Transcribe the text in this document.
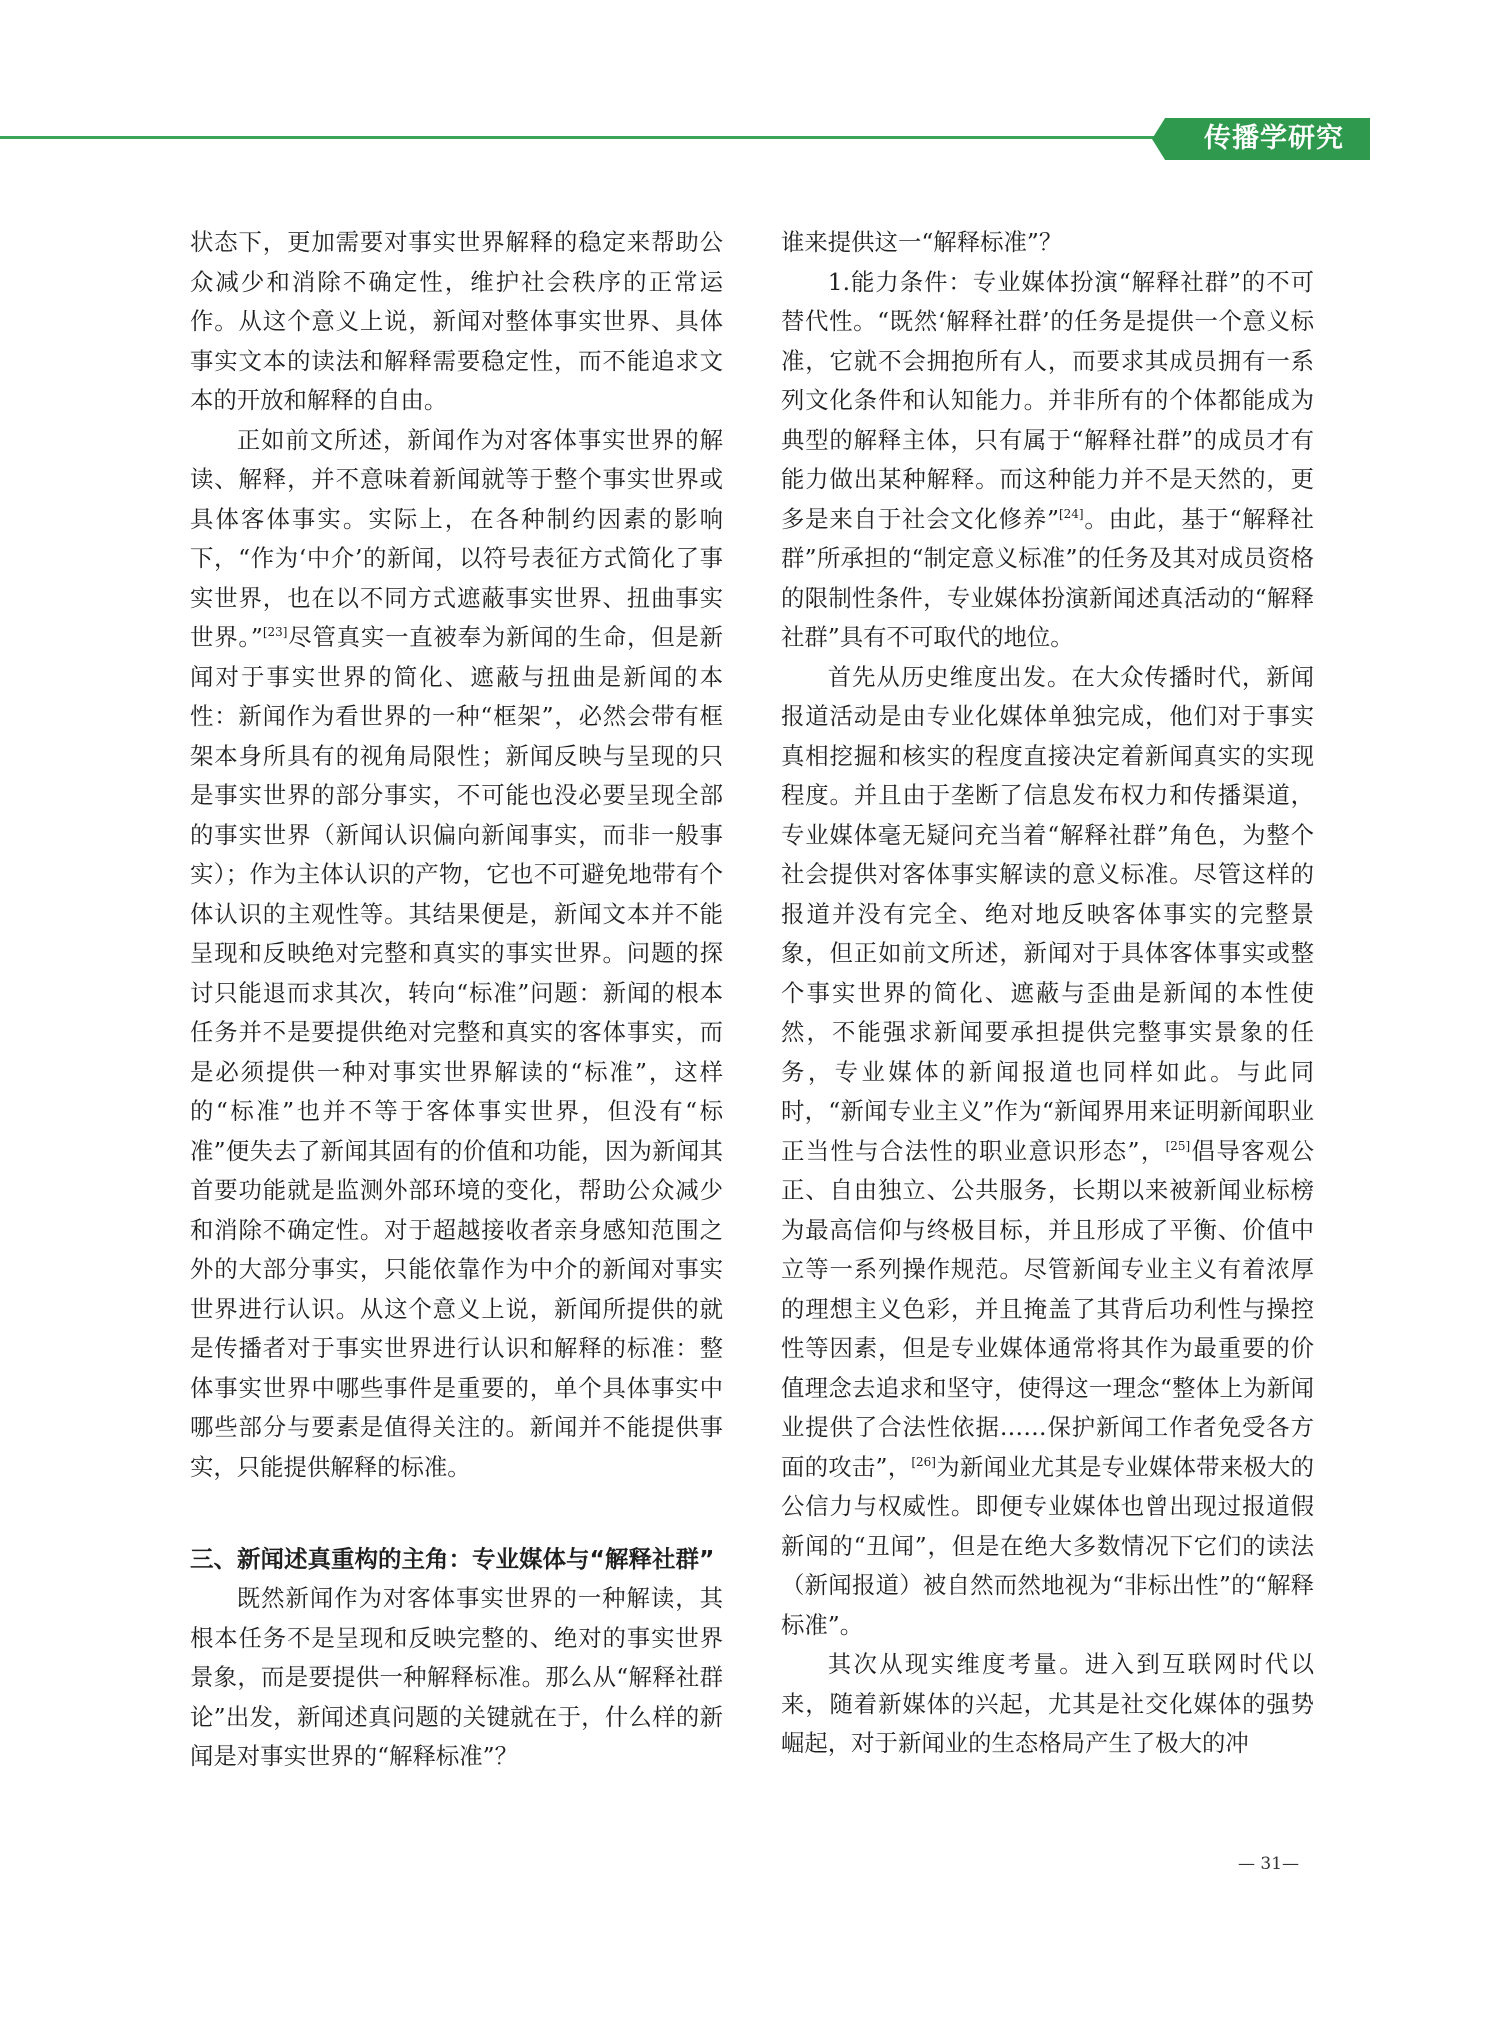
传播学研究

状态下，更加需要对事实世界解释的稳定来帮助公众减少和消除不确定性，维护社会秩序的正常运作。从这个意义上说，新闻对整体事实世界、具体事实文本的读法和解释需要稳定性，而不能追求文本的开放和解释的自由。

正如前文所述，新闻作为对客体事实世界的解读、解释，并不意味着新闻就等于整个事实世界或具体客体事实。实际上，在各种制约因素的影响下，“作为‘中介’的新闻，以符号表征方式简化了事实世界，也在以不同方式遮蔽事实世界、扭曲事实世界。”[23]尽管真实一直被奉为新闻的生命，但是新闻对于事实世界的简化、遮蔽与扭曲是新闻的本性：新闻作为看世界的一种“框架”，必然会带有框架本身所具有的视角局限性；新闻反映与呈现的只是事实世界的部分事实，不可能也没必要呈现全部的事实世界（新闻认识偏向新闻事实，而非一般事实）；作为主体认识的产物，它也不可避免地带有个体认识的主观性等。其结果便是，新闻文本并不能呈现和反映绝对完整和真实的事实世界。问题的探讨只能退而求其次，转向“标准”问题：新闻的根本任务并不是要提供绝对完整和真实的客体事实，而是必须提供一种对事实世界解读的“标准”，这样的“标准”也并不等于客体事实世界，但没有“标准”便失去了新闻其固有的价值和功能，因为新闻其首要功能就是监测外部环境的变化，帮助公众减少和消除不确定性。对于超越接收者亲身感知范围之外的大部分事实，只能依靠作为中介的新闻对事实世界进行认识。从这个意义上说，新闻所提供的就是传播者对于事实世界进行认识和解释的标准：整体事实世界中哪些事件是重要的，单个具体事实中哪些部分与要素是值得关注的。新闻并不能提供事实，只能提供解释的标准。

三、新闻述真重构的主角：专业媒体与“解释社群”

既然新闻作为对客体事实世界的一种解读，其根本任务不是呈现和反映完整的、绝对的事实世界景象，而是要提供一种解释标准。那么从“解释社群论”出发，新闻述真问题的关键就在于，什么样的新闻是对事实世界的“解释标准”？

谁来提供这一“解释标准”？

1.能力条件：专业媒体扮演“解释社群”的不可替代性。“既然‘解释社群’的任务是提供一个意义标准，它就不会拥抱所有人，而要求其成员拥有一系列文化条件和认知能力。并非所有的个体都能成为典型的解释主体，只有属于“解释社群”的成员才有能力做出某种解释。而这种能力并不是天然的，更多是来自于社会文化修养”[24]。由此，基于“解释社群”所承担的“制定意义标准”的任务及其对成员资格的限制性条件，专业媒体扮演新闻述真活动的“解释社群”具有不可取代的地位。

首先从历史维度出发。在大众传播时代，新闻报道活动是由专业化媒体单独完成，他们对于事实真相挖掘和核实的程度直接决定着新闻真实的实现程度。并且由于垄断了信息发布权力和传播渠道，专业媒体毫无疑问充当着“解释社群”角色，为整个社会提供对客体事实解读的意义标准。尽管这样的报道并没有完全、绝对地反映客体事实的完整景象，但正如前文所述，新闻对于具体客体事实或整个事实世界的简化、遮蔽与歪曲是新闻的本性使然，不能强求新闻要承担提供完整事实景象的任务，专业媒体的新闻报道也同样如此。与此同时，“新闻专业主义”作为“新闻界用来证明新闻职业正当性与合法性的职业意识形态”，[25]倡导客观公正、自由独立、公共服务，长期以来被新闻业标榜为最高信仰与终极目标，并且形成了平衡、价值中立等一系列操作规范。尽管新闻专业主义有着浓厚的理想主义色彩，并且掩盖了其背后功利性与操控性等因素，但是专业媒体通常将其作为最重要的价值理念去追求和坚守，使得这一理念“整体上为新闻业提供了合法性依据……保护新闻工作者免受各方面的攻击”，[26]为新闻业尤其是专业媒体带来极大的公信力与权威性。即便专业媒体也曾出现过报道假新闻的“丑闻”，但是在绝大多数情况下它们的读法（新闻报道）被自然而然地视为“非标出性”的“解释标准”。

其次从现实维度考量。进入到互联网时代以来，随着新媒体的兴起，尤其是社交化媒体的强势崛起，对于新闻业的生态格局产生了极大的冲

— 31—
